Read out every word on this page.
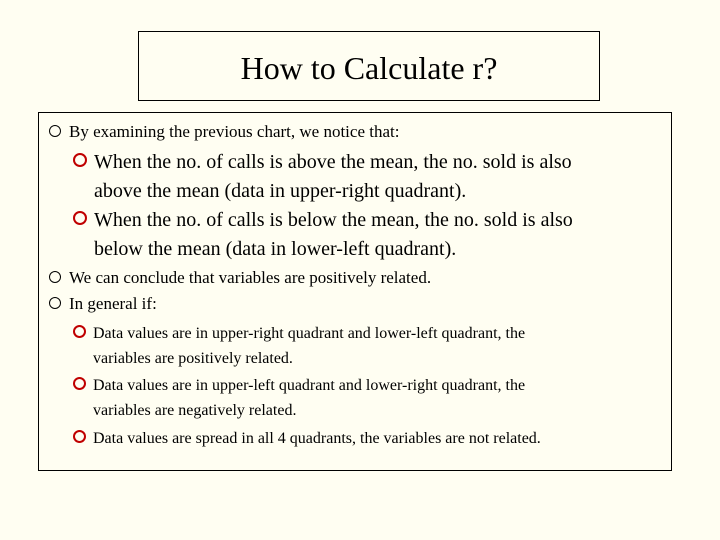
How to Calculate r?
By examining the previous chart, we notice that:
When the no. of calls is above the mean, the no. sold is also
above the mean (data in upper-right quadrant).
When the no. of calls is below the mean, the no. sold is also
below the mean (data in lower-left quadrant).
We can conclude that variables are positively related.
In general if:
Data values are in upper-right quadrant and lower-left quadrant, the
variables are positively related.
Data values are in upper-left quadrant and lower-right quadrant, the
variables are negatively related.
Data values are spread in all 4 quadrants, the variables are not related.
